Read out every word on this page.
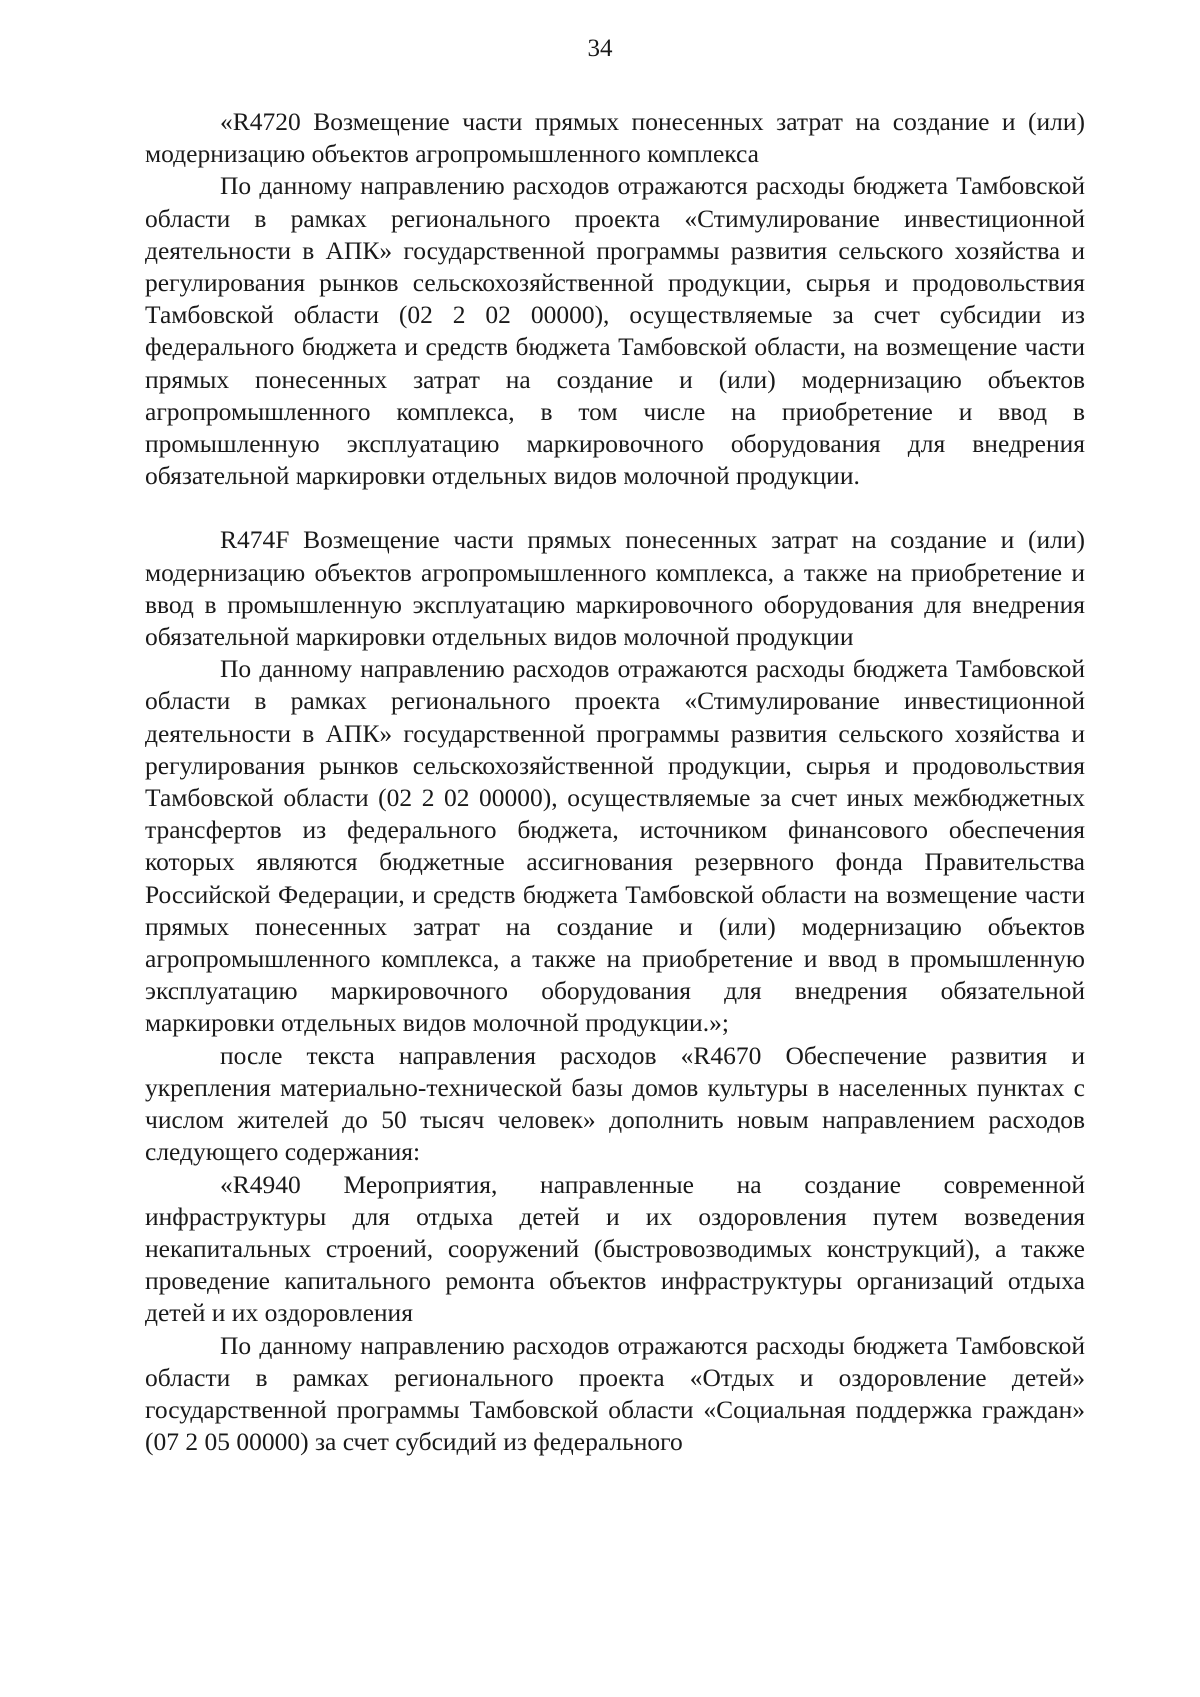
34

«R4720 Возмещение части прямых понесенных затрат на создание и (или) модернизацию объектов агропромышленного комплекса

По данному направлению расходов отражаются расходы бюджета Тамбовской области в рамках регионального проекта «Стимулирование инвестиционной деятельности в АПК» государственной программы развития сельского хозяйства и регулирования рынков сельскохозяйственной продукции, сырья и продовольствия Тамбовской области (02 2 02 00000), осуществляемые за счет субсидии из федерального бюджета и средств бюджета Тамбовской области, на возмещение части прямых понесенных затрат на создание и (или) модернизацию объектов агропромышленного комплекса, в том числе на приобретение и ввод в промышленную эксплуатацию маркировочного оборудования для внедрения обязательной маркировки отдельных видов молочной продукции.

R474F Возмещение части прямых понесенных затрат на создание и (или) модернизацию объектов агропромышленного комплекса, а также на приобретение и ввод в промышленную эксплуатацию маркировочного оборудования для внедрения обязательной маркировки отдельных видов молочной продукции

По данному направлению расходов отражаются расходы бюджета Тамбовской области в рамках регионального проекта «Стимулирование инвестиционной деятельности в АПК» государственной программы развития сельского хозяйства и регулирования рынков сельскохозяйственной продукции, сырья и продовольствия Тамбовской области (02 2 02 00000), осуществляемые за счет иных межбюджетных трансфертов из федерального бюджета, источником финансового обеспечения которых являются бюджетные ассигнования резервного фонда Правительства Российской Федерации, и средств бюджета Тамбовской области на возмещение части прямых понесенных затрат на создание и (или) модернизацию объектов агропромышленного комплекса, а также на приобретение и ввод в промышленную эксплуатацию маркировочного оборудования для внедрения обязательной маркировки отдельных видов молочной продукции.»;

после текста направления расходов «R4670 Обеспечение развития и укрепления материально-технической базы домов культуры в населенных пунктах с числом жителей до 50 тысяч человек» дополнить новым направлением расходов следующего содержания:

«R4940 Мероприятия, направленные на создание современной инфраструктуры для отдыха детей и их оздоровления путем возведения некапитальных строений, сооружений (быстровозводимых конструкций), а также проведение капитального ремонта объектов инфраструктуры организаций отдыха детей и их оздоровления

По данному направлению расходов отражаются расходы бюджета Тамбовской области в рамках регионального проекта «Отдых и оздоровление детей» государственной программы Тамбовской области «Социальная поддержка граждан» (07 2 05 00000) за счет субсидий из федерального
